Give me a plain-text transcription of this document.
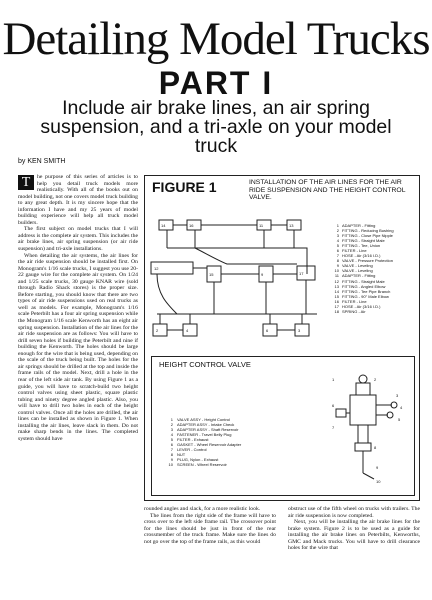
Detailing Model Trucks
PART I
Include air brake lines, an air spring suspension, and a tri-axle on your model truck
by KEN SMITH

T	he purpose of this series of articles is to help you detail truck models more realistically. With all of the books out on model building, not one covers model truck building to any great depth. It is my sincere hope that the information I have and my 25 years of model building experience will help all truck model builders.

The first subject on model trucks that I will address is the complete air system. This includes the air brake lines, air spring suspension (or air ride suspension) and tri-axle installations.

When detailing the air systems, the air lines for the air ride suspension should be installed first. On Monogram's 1/16 scale trucks, I suggest you use 20-22 gauge wire for the complete air system. On 1/24 and 1/25 scale trucks, 30 gauge KNAR wire (sold through Radio Shack stores) is the proper size. Before starting, you should know that there are two types of air ride suspensions used on real trucks as well as models. For example, Monogram's 1/16 scale Peterbilt has a four air spring suspension while the Monogram 1/16 scale Kenworth has an eight air spring suspension. Installation of the air lines for the air ride suspension are as follows: You will have to drill seven holes if building the Peterbilt and nine if building the Kenworth. The holes should be large enough for the wire that is being used, depending on the scale of the truck being built. The holes for the air springs should be drilled at the top and inside the frame rails of the model. Next, drill a hole in the rear of the left side air tank. By using Figure 1 as a guide, you will have to scratch-build two height control valves using sheet plastic, square plastic tubing and ninety degree angled plastic. Also, you will have to drill two holes in each of the height control valves. Once all the holes are drilled, the air lines can be installed as shown in Figure 1. When installing the air lines, leave slack in them. Do not make sharp bends in the lines. The completed system should have

FIGURE 1	INSTALLATION OF THE AIR LINES FOR THE AIR RIDE SUSPENSION AND THE HEIGHT CONTROL VALVE.
14	16	11	13
17
12
15	9
2	4	6	3
1 ADAPTER - Fitting
2 FITTING - Reducing Bushing
3 FITTING - Close Pipe Nipple
4 FITTING - Straight Male
5 FITTING - Tee, Union
6 FILTER - Line
7 HOSE - Air (3/16 I.D.)
8 VALVE - Pressure Protection
9 VALVE - Leveling
10 VALVE - Leveling
11 ADAPTER - Fitting
12 FITTING - Straight Male
13 FITTING - Angled Elbow
14 FITTING - Tee Pipe Branch
15 FITTING - 90° Male Elbow
16 FILTER - Line
17 HOSE - Air (3/16 I.D.)
18 SPRING - Air
HEIGHT CONTROL VALVE
1 VALVE ASSY - Height Control
2 ADAPTER ASSY - Intake Check
3 ADAPTER ASSY - Shaft Reservoir
4 FASTENER - Travel Belly Plug
5 FILTER - Exhaust
6 GASKET - Wheel Reservoir Adapter
7 LEVER - Control
8 NUT
9 PLUG, Nylon - Exhaust
10 SCREEN - Wheel Reservoir
1	2
3
4
5
6
7
8
9
10

rounded angles and slack, for a more realistic look.

The lines from the right side of the frame will have to cross over to the left side frame rail. The crossover point for the lines should be just in front of the rear crossmember of the truck frame. Make sure the lines do not go over the top of the frame rails, as this would

obstruct use of the fifth wheel on trucks with trailers. The air ride suspension is now completed.

Next, you will be installing the air brake lines for the brake system. Figure 2 is to be used as a guide for installing the air brake lines on Peterbilts, Kenworths, GMC and Mack trucks. You will have to drill clearance holes for the wire that
